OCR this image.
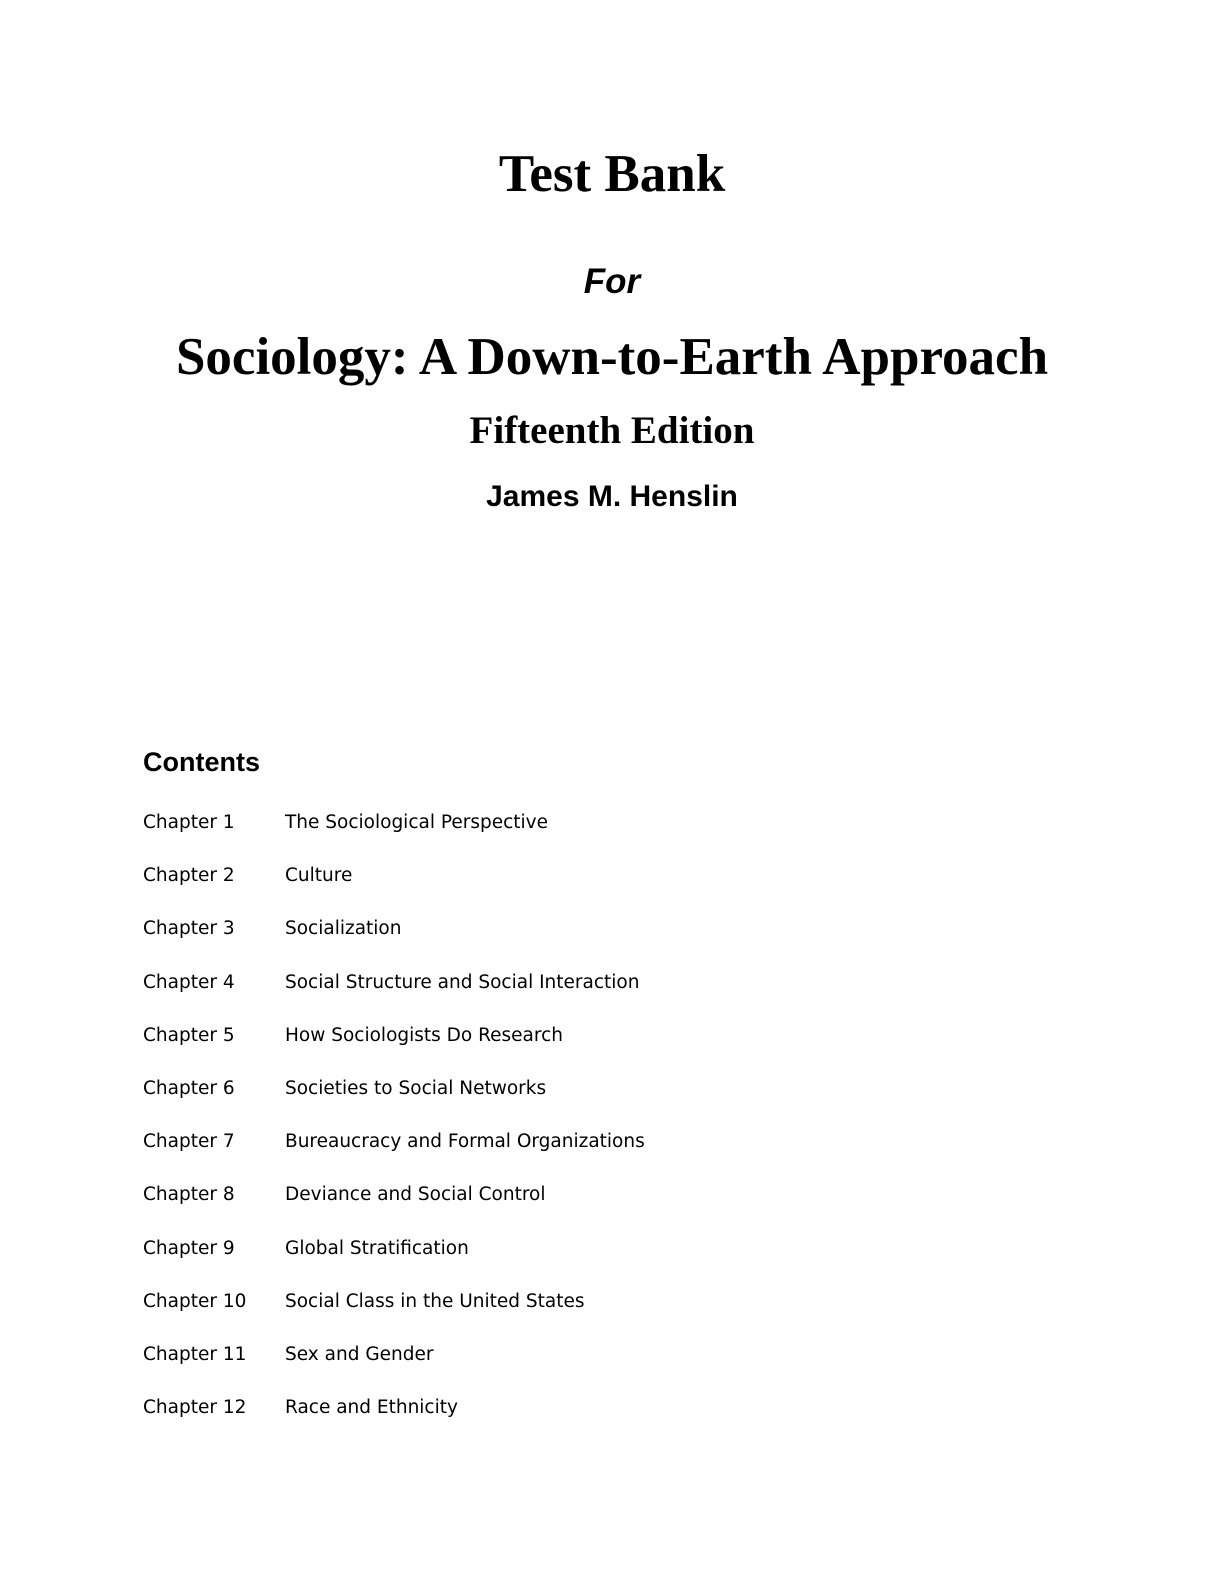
Test Bank
For
Sociology: A Down-to-Earth Approach
Fifteenth Edition
James M. Henslin
Contents
Chapter 1	The Sociological Perspective
Chapter 2	Culture
Chapter 3	Socialization
Chapter 4	Social Structure and Social Interaction
Chapter 5	How Sociologists Do Research
Chapter 6	Societies to Social Networks
Chapter 7	Bureaucracy and Formal Organizations
Chapter 8	Deviance and Social Control
Chapter 9	Global Stratification
Chapter 10	Social Class in the United States
Chapter 11	Sex and Gender
Chapter 12	Race and Ethnicity
